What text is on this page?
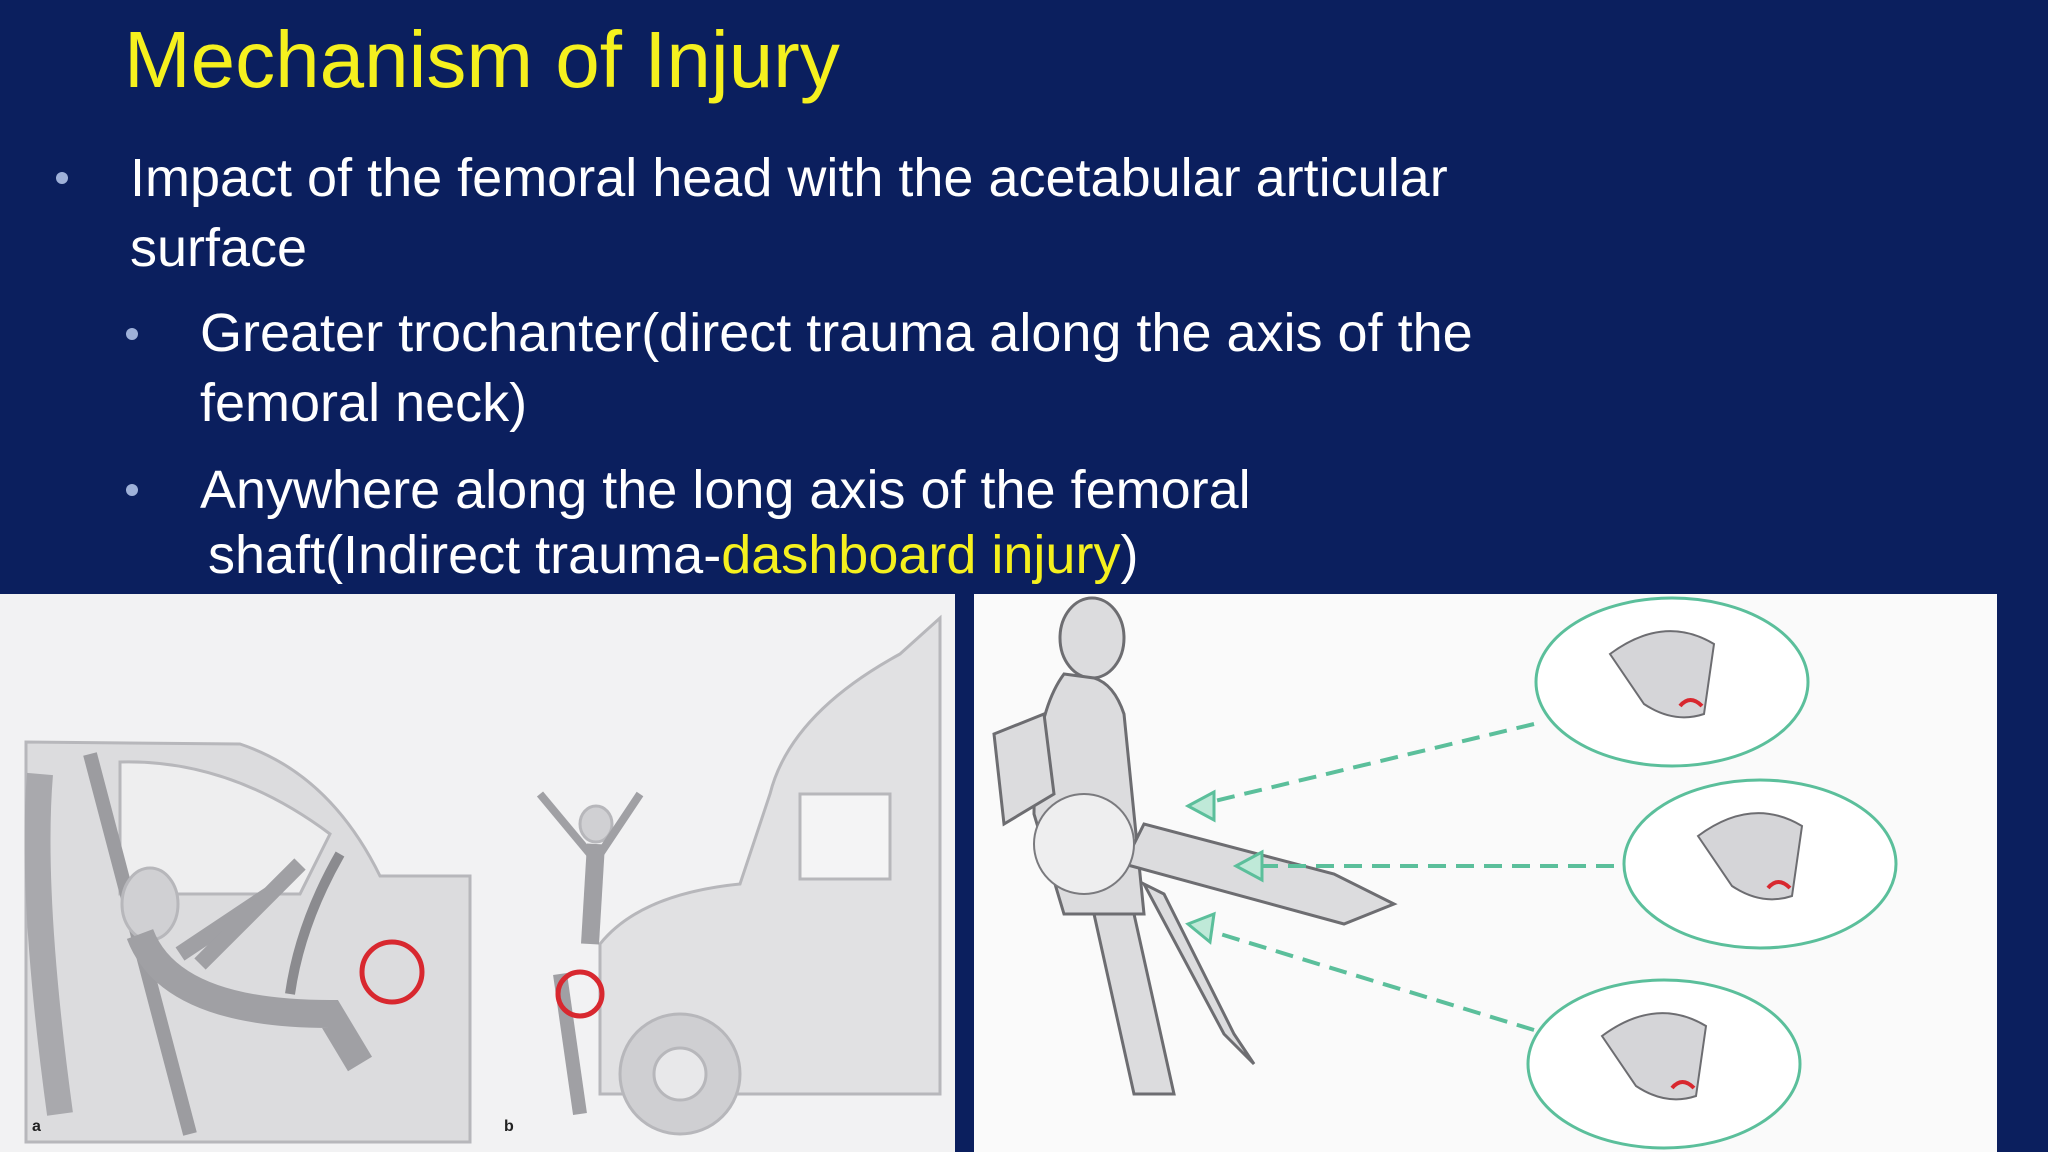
Mechanism of Injury
Impact of the femoral head with the acetabular articular
surface
Greater trochanter(direct trauma along the axis of the
femoral neck)
Anywhere along the long axis of the femoral
shaft(Indirect trauma-dashboard injury)
a	b
